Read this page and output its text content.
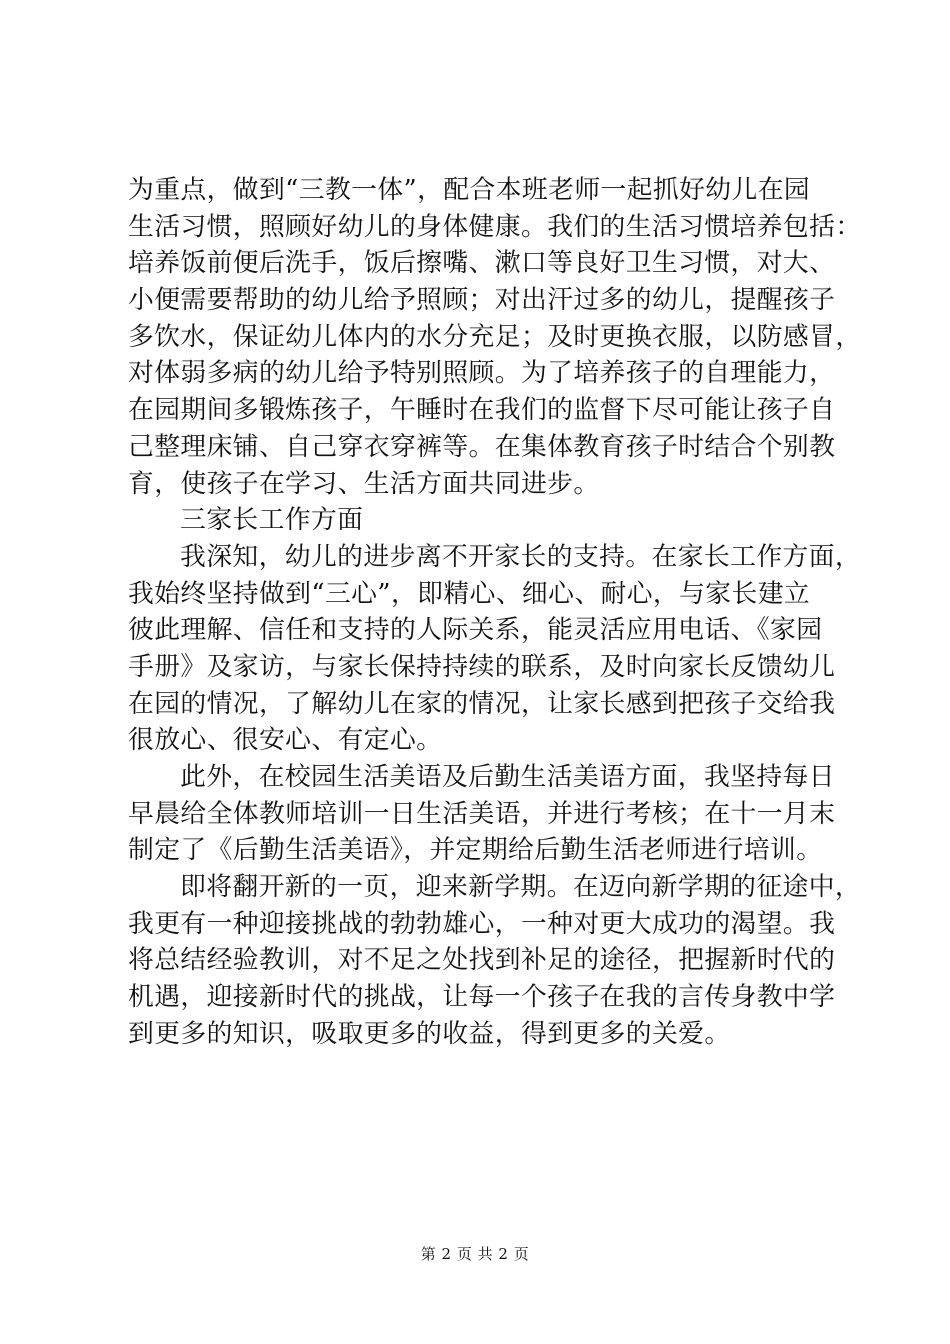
为重点，做到“三教一体”，配合本班老师一起抓好幼儿在园
生活习惯，照顾好幼儿的身体健康。我们的生活习惯培养包括：
培养饭前便后洗手，饭后擦嘴、漱口等良好卫生习惯，对大、
小便需要帮助的幼儿给予照顾；对出汗过多的幼儿，提醒孩子
多饮水，保证幼儿体内的水分充足；及时更换衣服，以防感冒，
对体弱多病的幼儿给予特别照顾。为了培养孩子的自理能力，
在园期间多锻炼孩子，午睡时在我们的监督下尽可能让孩子自
己整理床铺、自己穿衣穿裤等。在集体教育孩子时结合个别教
育，使孩子在学习、生活方面共同进步。
三家长工作方面
我深知，幼儿的进步离不开家长的支持。在家长工作方面，
我始终坚持做到“三心”，即精心、细心、耐心，与家长建立
彼此理解、信任和支持的人际关系，能灵活应用电话、《家园
手册》及家访，与家长保持持续的联系，及时向家长反馈幼儿
在园的情况，了解幼儿在家的情况，让家长感到把孩子交给我
很放心、很安心、有定心。
此外，在校园生活美语及后勤生活美语方面，我坚持每日
早晨给全体教师培训一日生活美语，并进行考核；在十一月末
制定了《后勤生活美语》，并定期给后勤生活老师进行培训。
即将翻开新的一页，迎来新学期。在迈向新学期的征途中，
我更有一种迎接挑战的勃勃雄心，一种对更大成功的渴望。我
将总结经验教训，对不足之处找到补足的途径，把握新时代的
机遇，迎接新时代的挑战，让每一个孩子在我的言传身教中学
到更多的知识，吸取更多的收益，得到更多的关爱。
第 2 页 共 2 页
